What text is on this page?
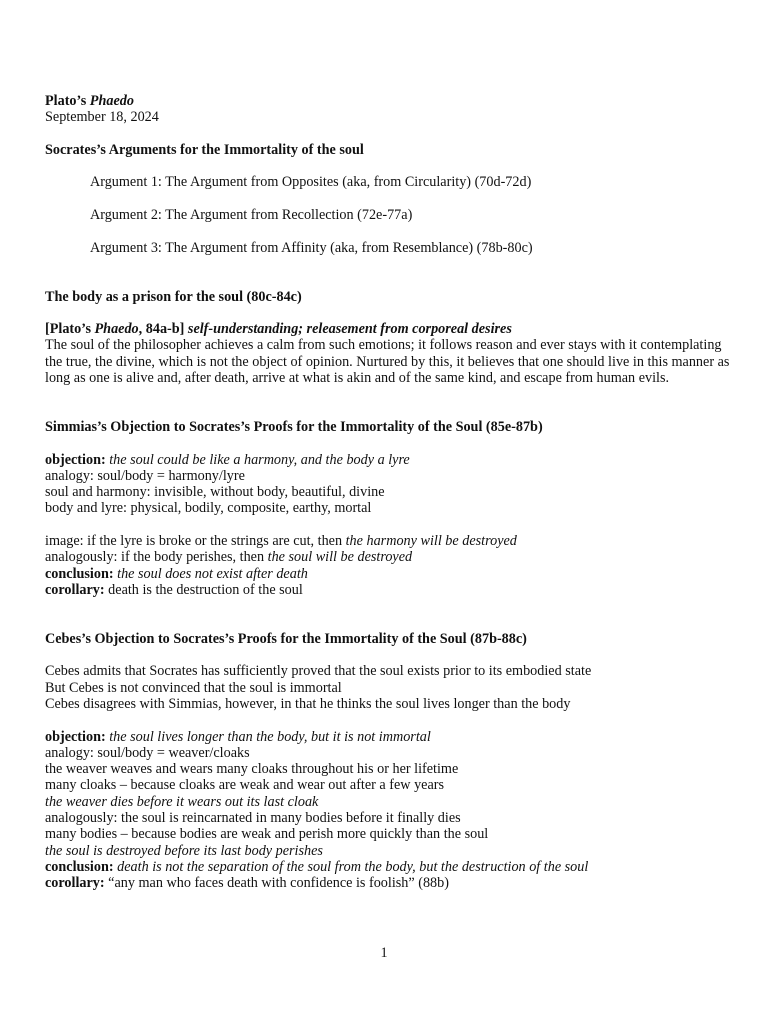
Plato’s Phaedo
September 18, 2024
Socrates’s Arguments for the Immortality of the soul
Argument 1: The Argument from Opposites (aka, from Circularity) (70d-72d)
Argument 2: The Argument from Recollection (72e-77a)
Argument 3: The Argument from Affinity (aka, from Resemblance) (78b-80c)
The body as a prison for the soul (80c-84c)
[Plato’s Phaedo, 84a-b] self-understanding; releasement from corporeal desires
The soul of the philosopher achieves a calm from such emotions; it follows reason and ever stays with it contemplating the true, the divine, which is not the object of opinion. Nurtured by this, it believes that one should live in this manner as long as one is alive and, after death, arrive at what is akin and of the same kind, and escape from human evils.
Simmias’s Objection to Socrates’s Proofs for the Immortality of the Soul (85e-87b)
objection: the soul could be like a harmony, and the body a lyre
analogy: soul/body = harmony/lyre
soul and harmony: invisible, without body, beautiful, divine
body and lyre: physical, bodily, composite, earthy, mortal
image: if the lyre is broke or the strings are cut, then the harmony will be destroyed
analogously: if the body perishes, then the soul will be destroyed
conclusion: the soul does not exist after death
corollary: death is the destruction of the soul
Cebes’s Objection to Socrates’s Proofs for the Immortality of the Soul (87b-88c)
Cebes admits that Socrates has sufficiently proved that the soul exists prior to its embodied state
But Cebes is not convinced that the soul is immortal
Cebes disagrees with Simmias, however, in that he thinks the soul lives longer than the body
objection: the soul lives longer than the body, but it is not immortal
analogy: soul/body = weaver/cloaks
the weaver weaves and wears many cloaks throughout his or her lifetime
many cloaks – because cloaks are weak and wear out after a few years
the weaver dies before it wears out its last cloak
analogously: the soul is reincarnated in many bodies before it finally dies
many bodies – because bodies are weak and perish more quickly than the soul
the soul is destroyed before its last body perishes
conclusion: death is not the separation of the soul from the body, but the destruction of the soul
corollary: “any man who faces death with confidence is foolish” (88b)
1
